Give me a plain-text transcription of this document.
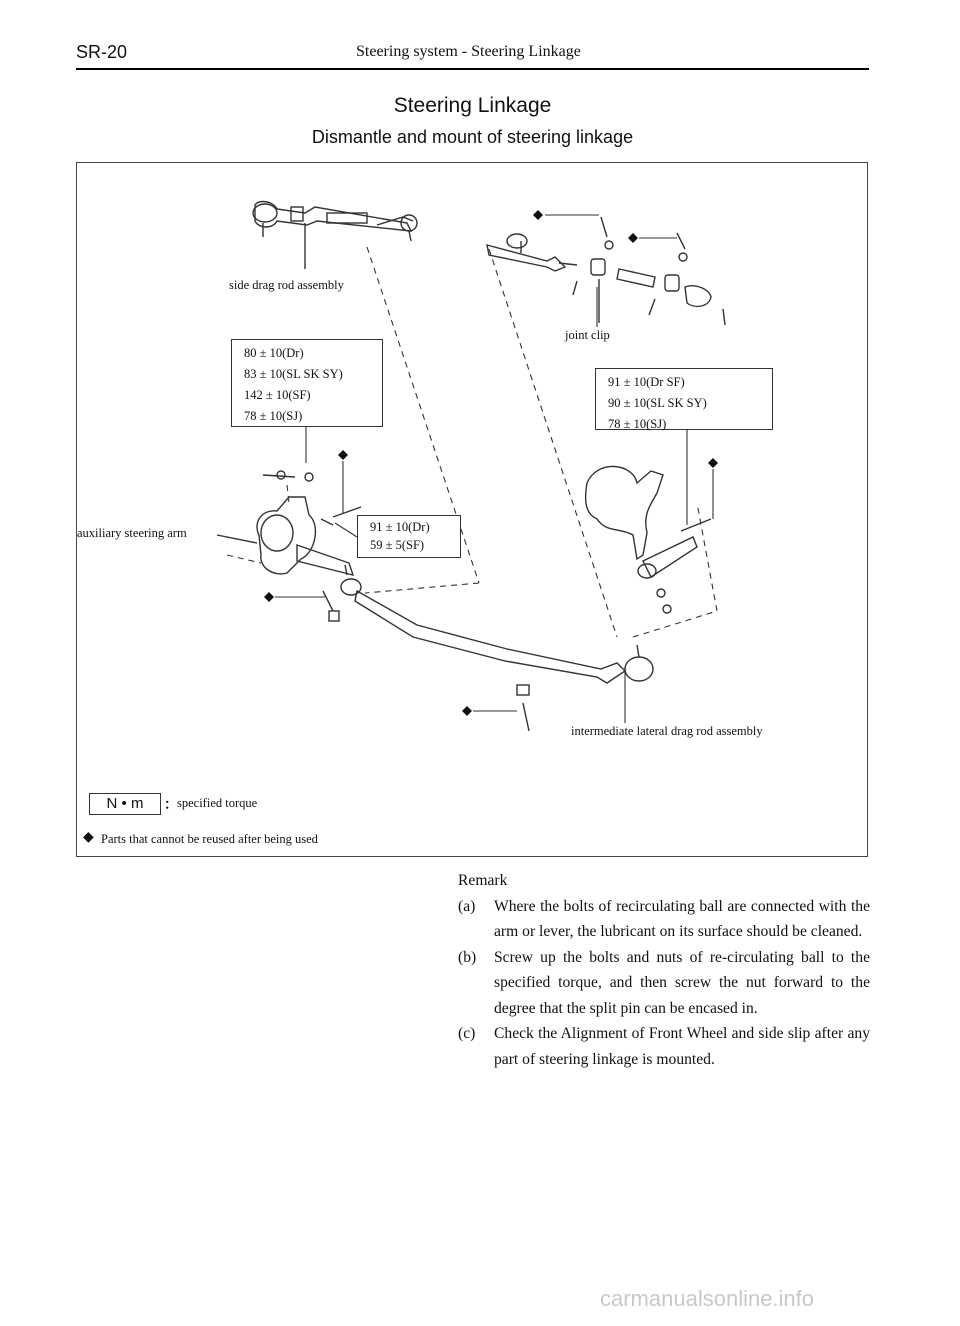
SR-20	Steering system - Steering Linkage
Steering Linkage
Dismantle and mount of steering linkage
side drag rod assembly
joint clip
auxiliary steering arm
intermediate lateral drag rod assembly
80 ± 10(Dr)
83 ± 10(SL SK SY)
142 ± 10(SF)
78 ± 10(SJ)
91 ± 10(Dr SF)
90 ± 10(SL SK SY)
78 ± 10(SJ)
91 ± 10(Dr)
59 ± 5(SF)
N • m	： specified torque
◆ Parts that cannot be reused after being used

Remark

(a) Where the bolts of recirculating ball are connected with the arm or lever, the lubricant on its surface should be cleaned.
(b) Screw up the bolts and nuts of re-circulating ball to the specified torque, and then screw the nut forward to the degree that the split pin can be encased in.
(c) Check the Alignment of Front Wheel and side slip after any part of steering linkage is mounted.
carmanualsonline.info
